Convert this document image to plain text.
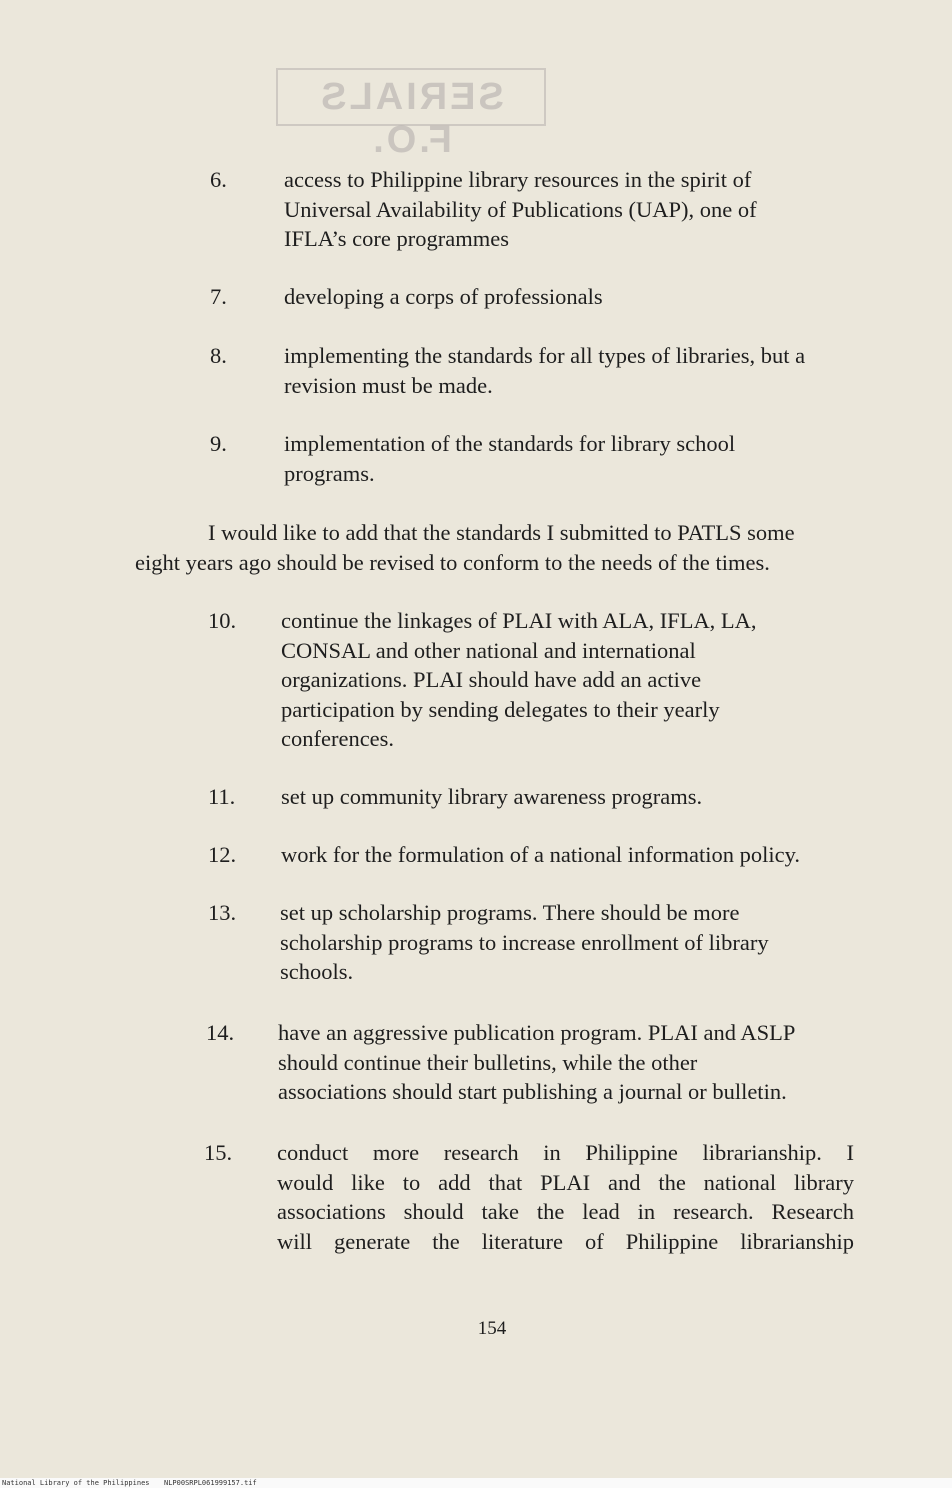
SERIALS F.O.
6.	access to Philippine library resources in the spirit of
Universal Availability of Publications (UAP), one of
IFLA’s core programmes
7.	developing a corps of professionals
8.	implementing the standards for all types of libraries, but a
revision must be made.
9.	implementation of the standards for library school
programs.
I would like to add that the standards I submitted to PATLS some
eight years ago should be revised to conform to the needs of the times.
10. continue the linkages of PLAI with ALA, IFLA, LA,
CONSAL and other national and international
organizations. PLAI should have add an active
participation by sending delegates to their yearly
conferences.
11. set up community library awareness programs.
12. work for the formulation of a national information policy.
13. set up scholarship programs. There should be more
scholarship programs to increase enrollment of library
schools.
14. have an aggressive publication program. PLAI and ASLP
should continue their bulletins, while the other
associations should start publishing a journal or bulletin.
15. conduct more research in Philippine librarianship. I
would like to add that PLAI and the national library
associations should take the lead in research. Research
will generate the literature of Philippine librarianship
154
National Library of the Philippines NLP00SRPL061999157.tif
